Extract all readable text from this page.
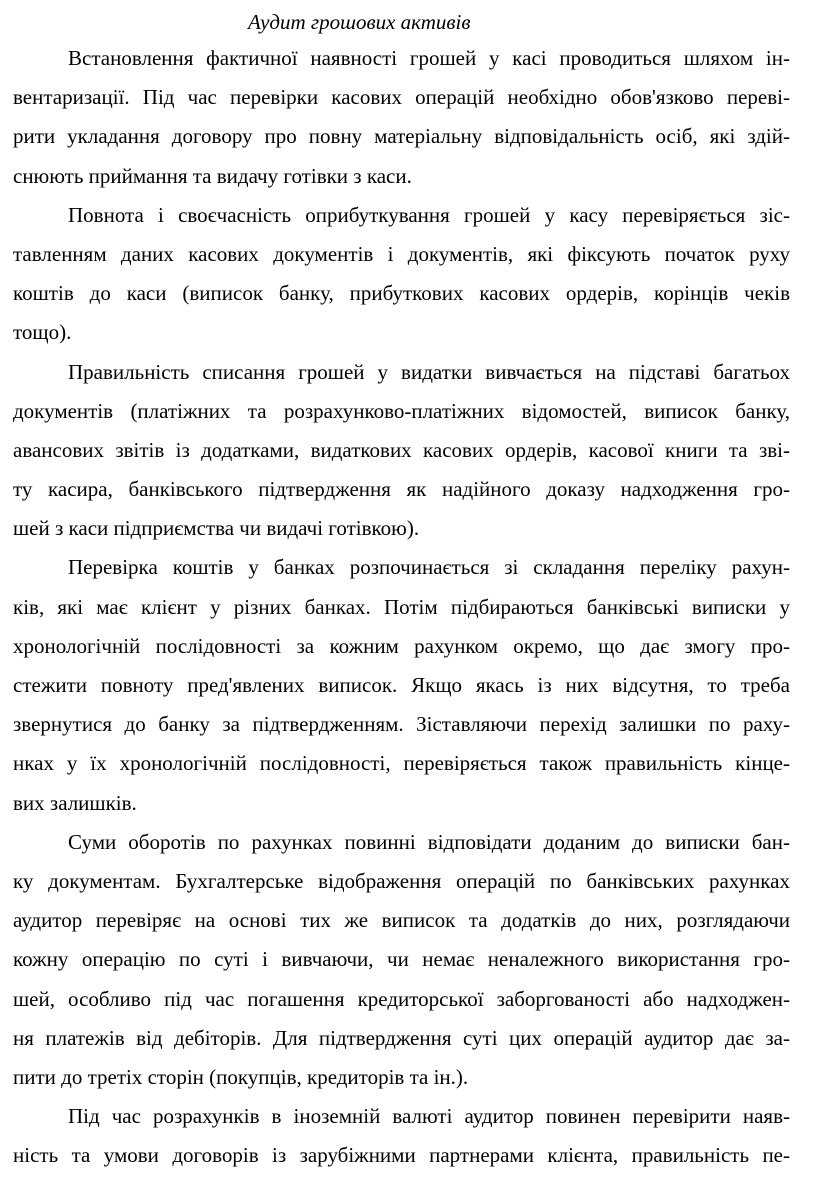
Аудит грошових активів
Встановлення фактичної наявності грошей у касі проводиться шляхом ін-
вентаризації. Під час перевірки касових операцій необхідно обов'язково переві-
рити укладання договору про повну матеріальну відповідальність осіб, які здій-
снюють приймання та видачу готівки з каси.
Повнота і своєчасність оприбуткування грошей у касу перевіряється зіс-
тавленням даних касових документів і документів, які фіксують початок руху
коштів до каси (виписок банку, прибуткових касових ордерів, корінців чеків
тощо).
Правильність списання грошей у видатки вивчається на підставі багатьох
документів (платіжних та розрахунково-платіжних відомостей, виписок банку,
авансових звітів із додатками, видаткових касових ордерів, касової книги та зві-
ту касира, банківського підтвердження як надійного доказу надходження гро-
шей з каси підприємства чи видачі готівкою).
Перевірка коштів у банках розпочинається зі складання переліку рахун-
ків, які має клієнт у різних банках. Потім підбираються банківські виписки у
хронологічній послідовності за кожним рахунком окремо, що дає змогу про-
стежити повноту пред'явлених виписок. Якщо якась із них відсутня, то треба
звернутися до банку за підтвердженням. Зіставляючи перехід залишки по раху-
нках у їх хронологічній послідовності, перевіряється також правильність кінце-
вих залишків.
Суми оборотів по рахунках повинні відповідати доданим до виписки бан-
ку документам. Бухгалтерське відображення операцій по банківських рахунках
аудитор перевіряє на основі тих же виписок та додатків до них, розглядаючи
кожну операцію по суті і вивчаючи, чи немає неналежного використання гро-
шей, особливо під час погашення кредиторської заборгованості або надходжен-
ня платежів від дебіторів. Для підтвердження суті цих операцій аудитор дає за-
пити до третіх сторін (покупців, кредиторів та ін.).
Під час розрахунків в іноземній валюті аудитор повинен перевірити наяв-
ність та умови договорів із зарубіжними партнерами клієнта, правильність пе-
